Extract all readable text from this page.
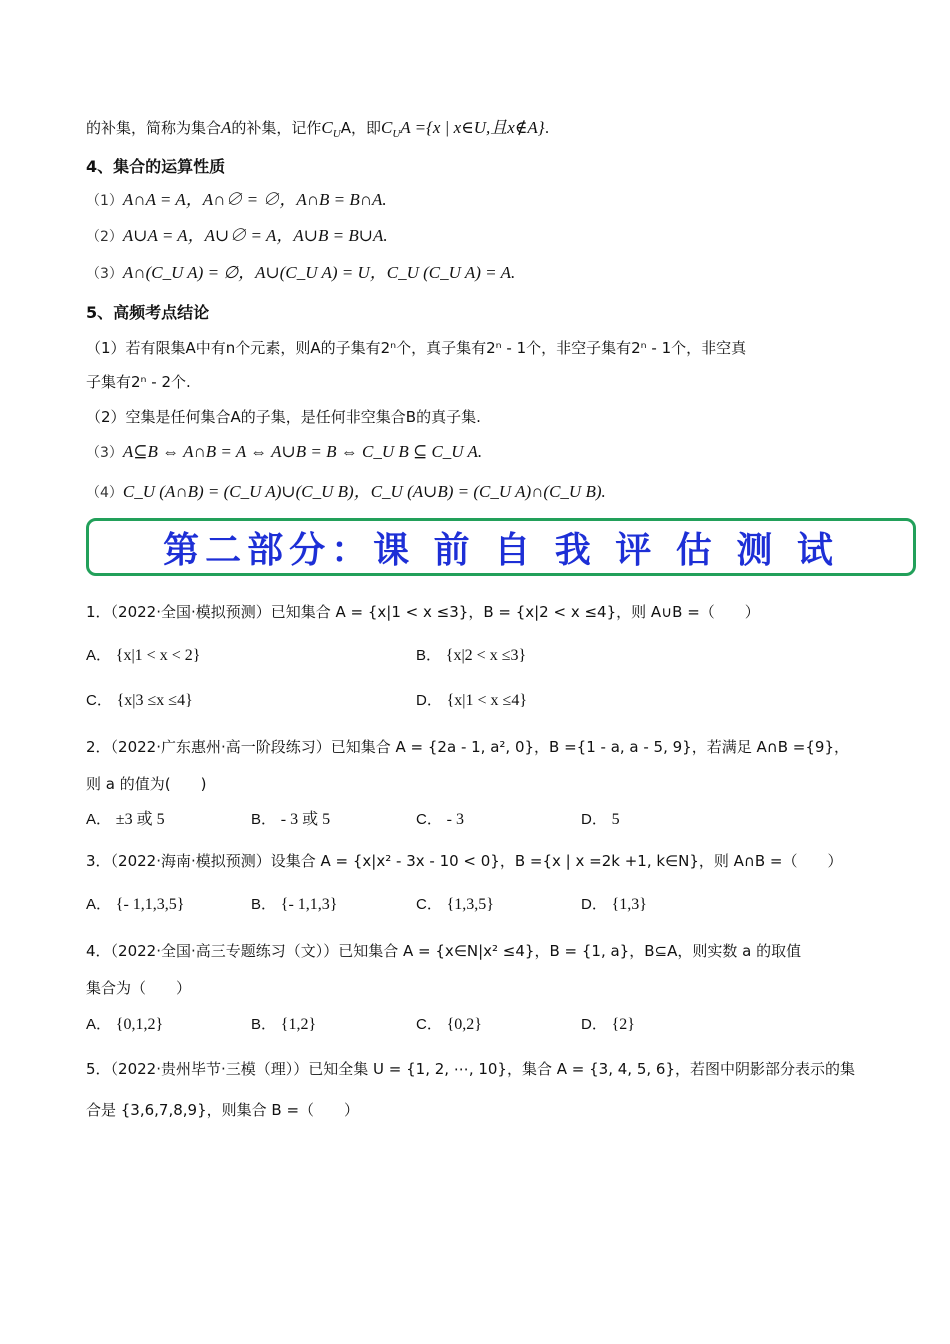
的补集，简称为集合A的补集，记作$C_UA$，即$C_UA =\{x$ | x∈U,且x∉A}.
4、集合的运算性质
（1）A∩A = A，A∩∅ = ∅，A∩B = B∩A.
（2）A∪A = A，A∪∅ = A，A∪B = B∪A.
（3）A∩(C_U A) = ∅，A∪(C_U A) = U，C_U (C_U A) = A.
5、高频考点结论
（1）若有限集A中有n个元素，则A的子集有2ⁿ个，真子集有2ⁿ - 1个，非空子集有2ⁿ - 1个，非空真
子集有2ⁿ - 2个.
（2）空集是任何集合A的子集，是任何非空集合B的真子集.
（3）A⊆B ⇔ A∩B = A ⇔ A∪B = B ⇔ C_U B ⊆ C_U A.
（4）C_U (A∩B) = (C_U A)∪(C_U B)，C_U (A∪B) = (C_U A)∩(C_U B).
第二部分：课 前 自 我 评 估 测 试
1．（2022·全国·模拟预测）已知集合 A = {x|1 < x ≤3}，B = {x|2 < x ≤4}，则 A∪B =（　　）
A． {x|1 < x < 2}	B． {x|2 < x ≤3}
C． {x|3 ≤x ≤4}	D． {x|1 < x ≤4}
2．（2022·广东惠州·高一阶段练习）已知集合 A = {2a - 1, a², 0}，B ={1 - a, a - 5, 9}，若满足 A∩B ={9}，
则 a 的值为(　　)
A． ±3 或 5	B． - 3 或 5	C． - 3	D． 5
3．（2022·海南·模拟预测）设集合 A = {x|x² - 3x - 10 < 0}，B ={x | x =2k +1, k∈N}，则 A∩B =（　　）
A． {- 1,1,3,5}	B． {- 1,1,3}	C． {1,3,5}	D． {1,3}
4．（2022·全国·高三专题练习（文））已知集合 A = {x∈N|x² ≤4}，B = {1, a}，B⊆A，则实数 a 的取值
集合为（　　）
A． {0,1,2}	B． {1,2}	C． {0,2}	D． {2}
5．（2022·贵州毕节·三模（理））已知全集 U = {1, 2, ⋯, 10}，集合 A = {3, 4, 5, 6}，若图中阴影部分表示的集
合是 {3,6,7,8,9}，则集合 B =（　　）
